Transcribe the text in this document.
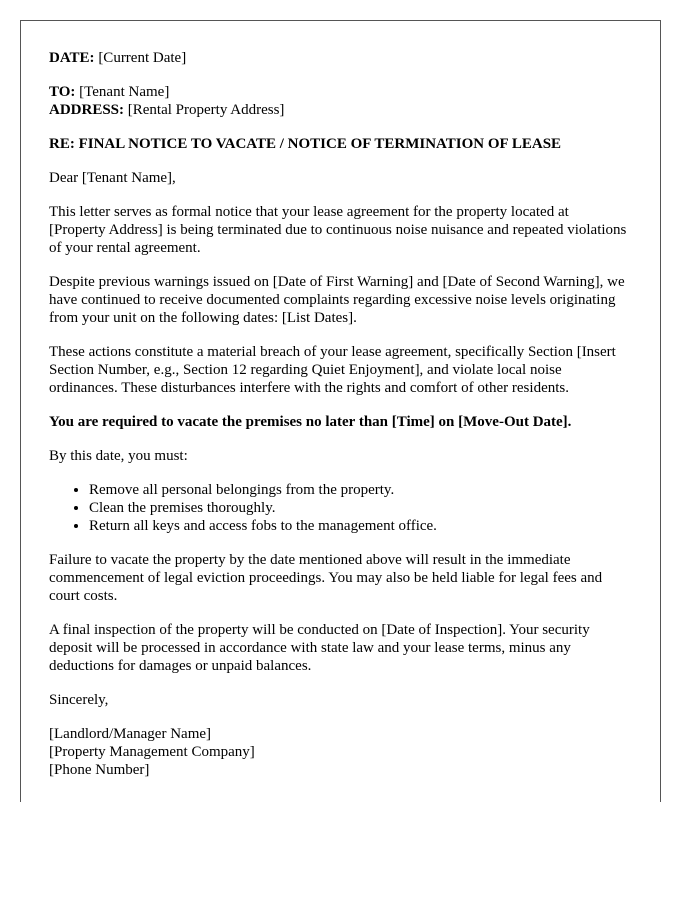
DATE: [Current Date]

TO: [Tenant Name]

ADDRESS: [Rental Property Address]

RE: FINAL NOTICE TO VACATE / NOTICE OF TERMINATION OF LEASE

Dear [Tenant Name],

This letter serves as formal notice that your lease agreement for the property located at [Property Address] is being terminated due to continuous noise nuisance and repeated violations of your rental agreement.

Despite previous warnings issued on [Date of First Warning] and [Date of Second Warning], we have continued to receive documented complaints regarding excessive noise levels originating from your unit on the following dates: [List Dates].

These actions constitute a material breach of your lease agreement, specifically Section [Insert Section Number, e.g., Section 12 regarding Quiet Enjoyment], and violate local noise ordinances. These disturbances interfere with the rights and comfort of other residents.

You are required to vacate the premises no later than [Time] on [Move-Out Date].

By this date, you must:

• Remove all personal belongings from the property.
• Clean the premises thoroughly.
• Return all keys and access fobs to the management office.

Failure to vacate the property by the date mentioned above will result in the immediate commencement of legal eviction proceedings. You may also be held liable for legal fees and court costs.

A final inspection of the property will be conducted on [Date of Inspection]. Your security deposit will be processed in accordance with state law and your lease terms, minus any deductions for damages or unpaid balances.

Sincerely,

[Landlord/Manager Name]

[Property Management Company]

[Phone Number]
